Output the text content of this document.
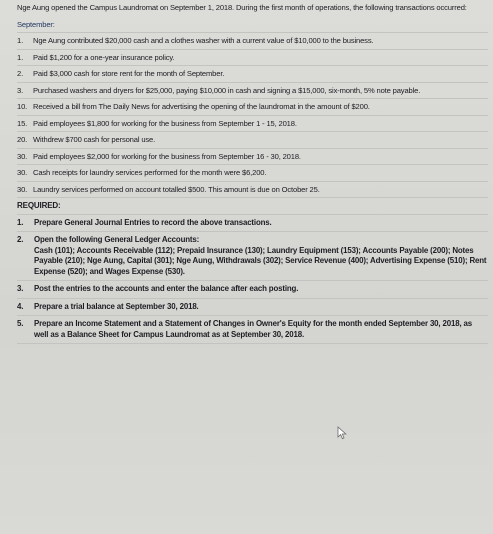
Nge Aung opened the Campus Laundromat on September 1, 2018. During the first month of operations, the following transactions occurred:

September:
1.	Nge Aung contributed $20,000 cash and a clothes washer with a current value of $10,000 to the business.
1.	Paid $1,200 for a one-year insurance policy.
2.	Paid $3,000 cash for store rent for the month of September.
3.	Purchased washers and dryers for $25,000, paying $10,000 in cash and signing a $15,000, six-month, 5% note payable.
10. Received a bill from The Daily News for advertising the opening of the laundromat in the amount of $200.
15. Paid employees $1,800 for working for the business from September 1 - 15, 2018.
20. Withdrew $700 cash for personal use.
30. Paid employees $2,000 for working for the business from September 16 - 30, 2018.
30. Cash receipts for laundry services performed for the month were $6,200.
30. Laundry services performed on account totalled $500. This amount is due on October 25.
REQUIRED:
1.	Prepare General Journal Entries to record the above transactions.
2.	Open the following General Ledger Accounts:
Cash (101); Accounts Receivable (112); Prepaid Insurance (130); Laundry Equipment (153); Accounts Payable (200); Notes Payable (210); Nge Aung, Capital (301); Nge Aung, Withdrawals (302); Service Revenue (400); Advertising Expense (510); Rent Expense (520); and Wages Expense (530).
3.	Post the entries to the accounts and enter the balance after each posting.
4.	Prepare a trial balance at September 30, 2018.
5.	Prepare an Income Statement and a Statement of Changes in Owner's Equity for the month ended September 30, 2018, as well as a Balance Sheet for Campus Laundromat as at September 30, 2018.
